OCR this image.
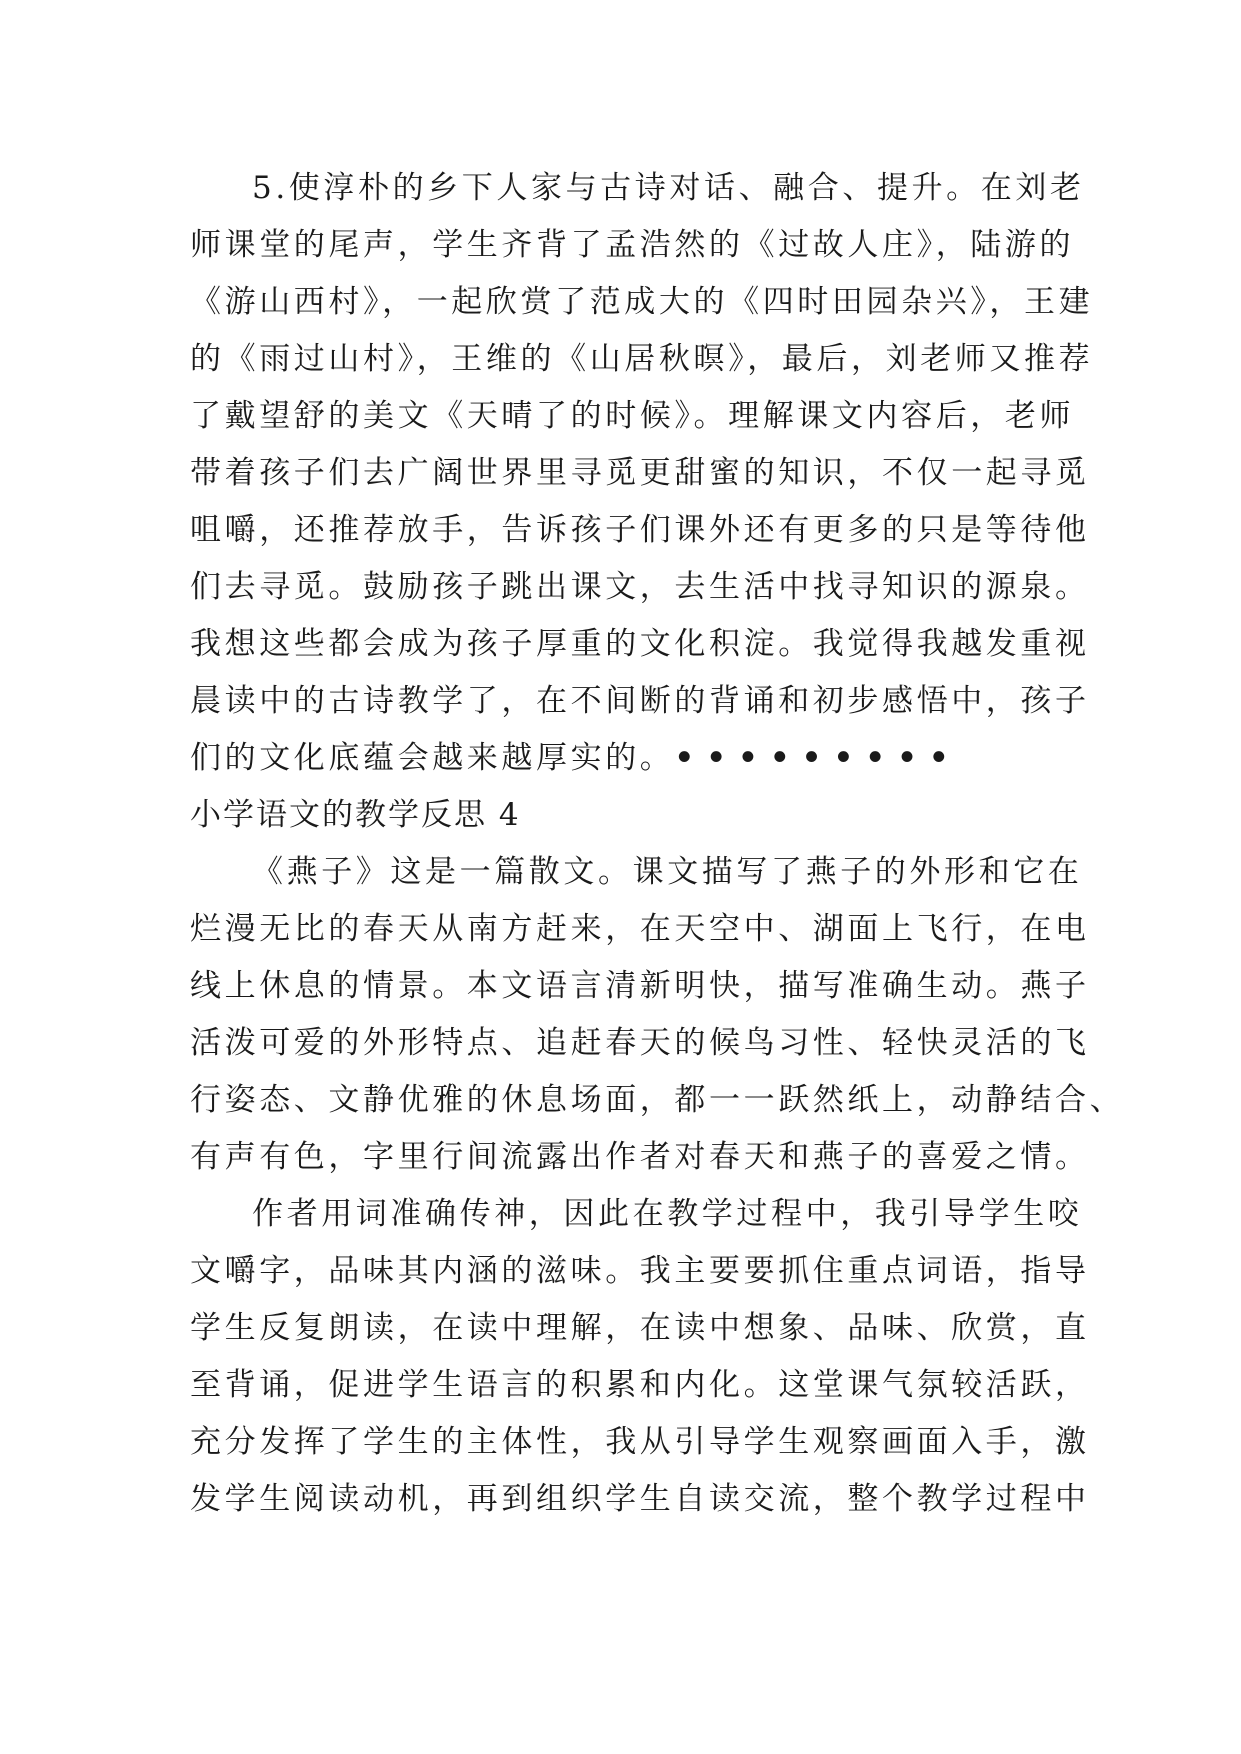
5.使淳朴的乡下人家与古诗对话、融合、提升。在刘老
师课堂的尾声，学生齐背了孟浩然的《过故人庄》，陆游的
《游山西村》，一起欣赏了范成大的《四时田园杂兴》，王建
的《雨过山村》，王维的《山居秋暝》，最后，刘老师又推荐
了戴望舒的美文《天晴了的时候》。理解课文内容后，老师
带着孩子们去广阔世界里寻觅更甜蜜的知识，不仅一起寻觅
咀嚼，还推荐放手，告诉孩子们课外还有更多的只是等待他
们去寻觅。鼓励孩子跳出课文，去生活中找寻知识的源泉。
我想这些都会成为孩子厚重的文化积淀。我觉得我越发重视
晨读中的古诗教学了，在不间断的背诵和初步感悟中，孩子
们的文化底蕴会越来越厚实的。•••••••••
小学语文的教学反思 4
《燕子》这是一篇散文。课文描写了燕子的外形和它在
烂漫无比的春天从南方赶来，在天空中、湖面上飞行，在电
线上休息的情景。本文语言清新明快，描写准确生动。燕子
活泼可爱的外形特点、追赶春天的候鸟习性、轻快灵活的飞
行姿态、文静优雅的休息场面，都一一跃然纸上，动静结合、
有声有色，字里行间流露出作者对春天和燕子的喜爱之情。
作者用词准确传神，因此在教学过程中，我引导学生咬
文嚼字，品味其内涵的滋味。我主要要抓住重点词语，指导
学生反复朗读，在读中理解，在读中想象、品味、欣赏，直
至背诵，促进学生语言的积累和内化。这堂课气氛较活跃，
充分发挥了学生的主体性，我从引导学生观察画面入手，激
发学生阅读动机，再到组织学生自读交流，整个教学过程中
